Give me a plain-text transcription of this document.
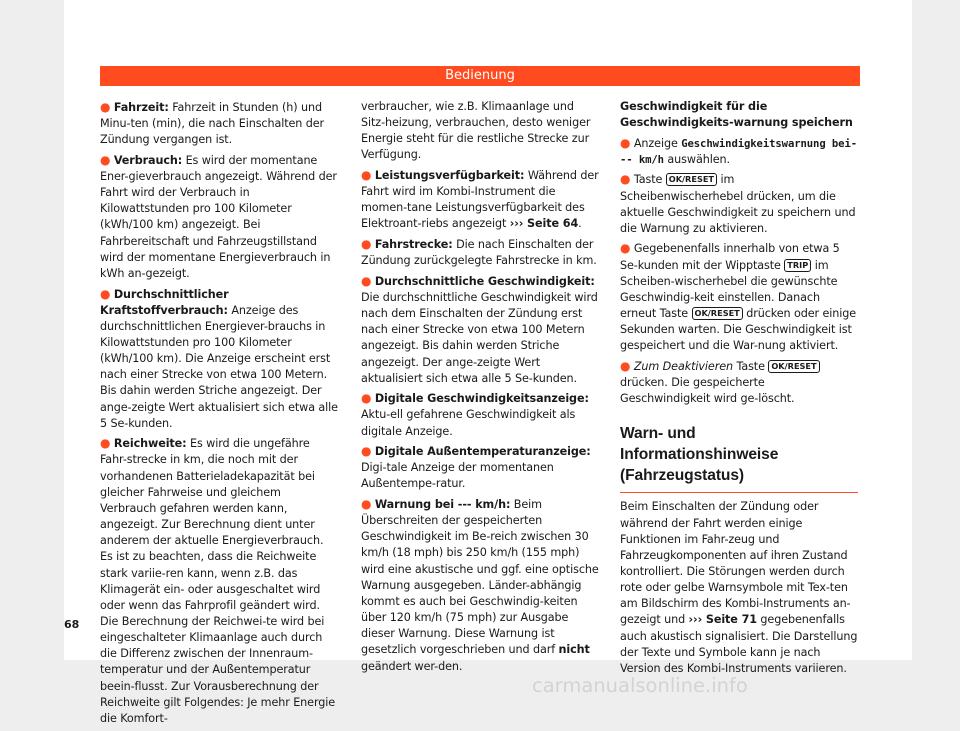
Bedienung

● Fahrzeit: Fahrzeit in Stunden (h) und Minu-ten (min), die nach Einschalten der Zündung vergangen ist.

● Verbrauch: Es wird der momentane Ener-gieverbrauch angezeigt. Während der Fahrt wird der Verbrauch in Kilowattstunden pro 100 Kilometer (kWh/100 km) angezeigt. Bei Fahrbereitschaft und Fahrzeugstillstand wird der momentane Energieverbrauch in kWh an-gezeigt.

● Durchschnittlicher Kraftstoffverbrauch: Anzeige des durchschnittlichen Energiever-brauchs in Kilowattstunden pro 100 Kilometer (kWh/100 km). Die Anzeige erscheint erst nach einer Strecke von etwa 100 Metern. Bis dahin werden Striche angezeigt. Der ange-zeigte Wert aktualisiert sich etwa alle 5 Se-kunden.

● Reichweite: Es wird die ungefähre Fahr-strecke in km, die noch mit der vorhandenen Batterieladekapazität bei gleicher Fahrweise und gleichem Verbrauch gefahren werden kann, angezeigt. Zur Berechnung dient unter anderem der aktuelle Energieverbrauch. Es ist zu beachten, dass die Reichweite stark variie-ren kann, wenn z.B. das Klimagerät ein- oder ausgeschaltet wird oder wenn das Fahrprofil geändert wird. Die Berechnung der Reichwei-te wird bei eingeschalteter Klimaanlage auch durch die Differenz zwischen der Innenraum-temperatur und der Außentemperatur beein-flusst. Zur Vorausberechnung der Reichweite gilt Folgendes: Je mehr Energie die Komfort-

verbraucher, wie z.B. Klimaanlage und Sitz-heizung, verbrauchen, desto weniger Energie steht für die restliche Strecke zur Verfügung.

● Leistungsverfügbarkeit: Während der Fahrt wird im Kombi-Instrument die momen-tane Leistungsverfügbarkeit des Elektroant-riebs angezeigt ››› Seite 64.

● Fahrstrecke: Die nach Einschalten der Zündung zurückgelegte Fahrstrecke in km.

● Durchschnittliche Geschwindigkeit: Die durchschnittliche Geschwindigkeit wird nach dem Einschalten der Zündung erst nach einer Strecke von etwa 100 Metern angezeigt. Bis dahin werden Striche angezeigt. Der ange-zeigte Wert aktualisiert sich etwa alle 5 Se-kunden.

● Digitale Geschwindigkeitsanzeige: Aktu-ell gefahrene Geschwindigkeit als digitale Anzeige.

● Digitale Außentemperaturanzeige: Digi-tale Anzeige der momentanen Außentempe-ratur.

● Warnung bei --- km/h: Beim Überschreiten der gespeicherten Geschwindigkeit im Be-reich zwischen 30 km/h (18 mph) bis 250 km/h (155 mph) wird eine akustische und ggf. eine optische Warnung ausgegeben. Länder-abhängig kommt es auch bei Geschwindig-keiten über 120 km/h (75 mph) zur Ausgabe dieser Warnung. Diese Warnung ist gesetzlich vorgeschrieben und darf nicht geändert wer-den.

Geschwindigkeit für die Geschwindigkeits-warnung speichern

● Anzeige Geschwindigkeitswarnung bei--- km/h auswählen.

● Taste OK/RESET im Scheibenwischerhebel drücken, um die aktuelle Geschwindigkeit zu speichern und die Warnung zu aktivieren.

● Gegebenenfalls innerhalb von etwa 5 Se-kunden mit der Wipptaste TRIP im Scheiben-wischerhebel die gewünschte Geschwindig-keit einstellen. Danach erneut Taste OK/RESET drücken oder einige Sekunden warten. Die Geschwindigkeit ist gespeichert und die War-nung aktiviert.

● Zum Deaktivieren Taste OK/RESET drücken. Die gespeicherte Geschwindigkeit wird ge-löscht.

Warn- und Informationshinweise (Fahrzeugstatus)

Beim Einschalten der Zündung oder während der Fahrt werden einige Funktionen im Fahr-zeug und Fahrzeugkomponenten auf ihren Zustand kontrolliert. Die Störungen werden durch rote oder gelbe Warnsymbole mit Tex-ten am Bildschirm des Kombi-Instruments an-gezeigt und ››› Seite 71 gegebenenfalls auch akustisch signalisiert. Die Darstellung der Texte und Symbole kann je nach Version des Kombi-Instruments variieren.

68
carmanualsonline.info
